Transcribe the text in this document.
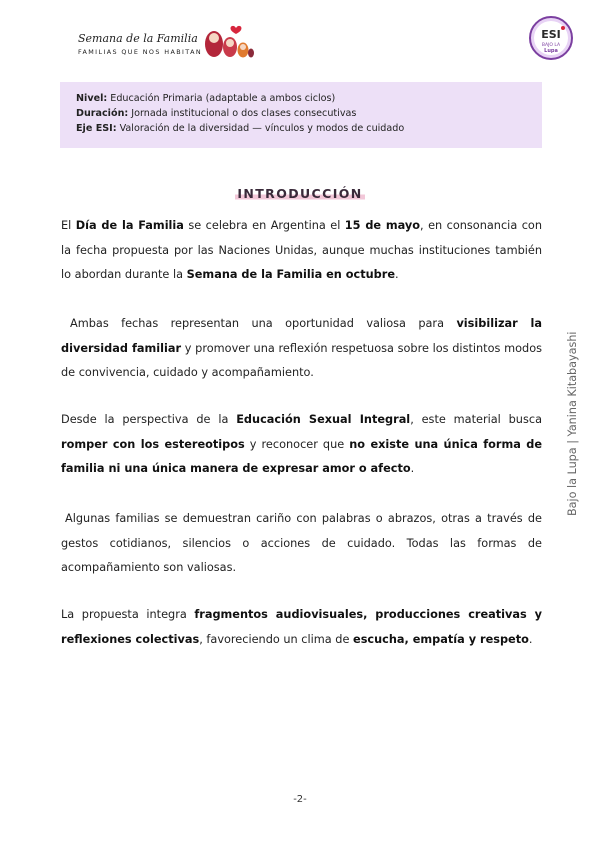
Semana de la Familia
FAMILIAS QUE NOS HABITAN
ESI
BAJO LA
Lupa
Nivel: Educación Primaria (adaptable a ambos ciclos)
Duración: Jornada institucional o dos clases consecutivas
Eje ESI: Valoración de la diversidad — vínculos y modos de cuidado
INTRODUCCIÓN
El Día de la Familia se celebra en Argentina el 15 de mayo, en consonancia con la fecha propuesta por las Naciones Unidas, aunque muchas instituciones también lo abordan durante la Semana de la Familia en octubre.
Ambas fechas representan una oportunidad valiosa para visibilizar la diversidad familiar y promover una reflexión respetuosa sobre los distintos modos de convivencia, cuidado y acompañamiento.
Desde la perspectiva de la Educación Sexual Integral, este material busca romper con los estereotipos y reconocer que no existe una única forma de familia ni una única manera de expresar amor o afecto.
Algunas familias se demuestran cariño con palabras o abrazos, otras a través de gestos cotidianos, silencios o acciones de cuidado. Todas las formas de acompañamiento son valiosas.
La propuesta integra fragmentos audiovisuales, producciones creativas y reflexiones colectivas, favoreciendo un clima de escucha, empatía y respeto.
Bajo la Lupa | Yanina Kitabayashi
-2-
